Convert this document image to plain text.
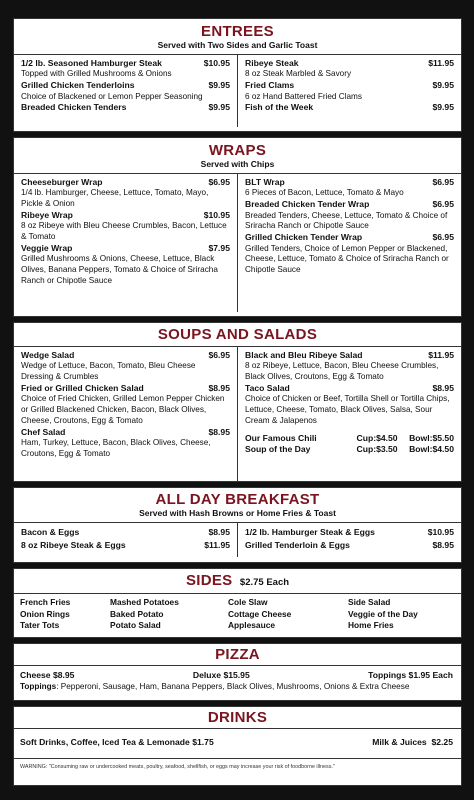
ENTREES
Served with Two Sides and Garlic Toast
1/2 lb. Seasoned Hamburger Steak	$10.95
Topped with Grilled Mushrooms & Onions
Grilled Chicken Tenderloins	$9.95
Choice of Blackened or Lemon Pepper Seasoning
Breaded Chicken Tenders	$9.95
Ribeye Steak	$11.95
8 oz Steak Marbled & Savory
Fried Clams	$9.95
6 oz Hand Battered Fried Clams
Fish of the Week	$9.95
WRAPS
Served with Chips
Cheeseburger Wrap	$6.95
1/4 lb. Hamburger, Cheese, Lettuce, Tomato, Mayo, Pickle & Onion
Ribeye Wrap	$10.95
8 oz Ribeye with Bleu Cheese Crumbles, Bacon, Lettuce & Tomato
Veggie Wrap	$7.95
Grilled Mushrooms & Onions, Cheese, Lettuce, Black Olives, Banana Peppers, Tomato & Choice of Sriracha Ranch or Chipotle Sauce
BLT Wrap	$6.95
6 Pieces of Bacon, Lettuce, Tomato & Mayo
Breaded Chicken Tender Wrap	$6.95
Breaded Tenders, Cheese, Lettuce, Tomato & Choice of Sriracha Ranch or Chipotle Sauce
Grilled Chicken Tender Wrap	$6.95
Grilled Tenders, Choice of Lemon Pepper or Blackened, Cheese, Lettuce, Tomato & Choice of Sriracha Ranch or Chipotle Sauce
SOUPS AND SALADS
Wedge Salad	$6.95
Wedge of Lettuce, Bacon, Tomato, Bleu Cheese Dressing & Crumbles
Fried or Grilled Chicken Salad	$8.95
Choice of Fried Chicken, Grilled Lemon Pepper Chicken or Grilled Blackened Chicken, Bacon, Black Olives, Cheese, Croutons, Egg & Tomato
Chef Salad	$8.95
Ham, Turkey, Lettuce, Bacon, Black Olives, Cheese, Croutons, Egg & Tomato
Black and Bleu Ribeye Salad	$11.95
8 oz Ribeye, Lettuce, Bacon, Bleu Cheese Crumbles, Black Olives, Croutons, Egg & Tomato
Taco Salad	$8.95
Choice of Chicken or Beef, Tortilla Shell or Tortilla Chips, Lettuce, Cheese, Tomato, Black Olives, Salsa, Sour Cream & Jalapenos
Our Famous Chili	Cup:$4.50 Bowl:$5.50
Soup of the Day	Cup:$3.50 Bowl:$4.50
ALL DAY BREAKFAST
Served with Hash Browns or Home Fries & Toast
Bacon & Eggs	$8.95
8 oz Ribeye Steak & Eggs	$11.95
1/2 lb. Hamburger Steak & Eggs	$10.95
Grilled Tenderloin & Eggs	$8.95
SIDES $2.75 Each
French Fries
Onion Rings
Tater Tots
Mashed Potatoes
Baked Potato
Potato Salad
Cole Slaw
Cottage Cheese
Applesauce
Side Salad
Veggie of the Day
Home Fries
PIZZA
Cheese $8.95	Deluxe $15.95	Toppings $1.95 Each
Toppings: Pepperoni, Sausage, Ham, Banana Peppers, Black Olives, Mushrooms, Onions & Extra Cheese
DRINKS
Soft Drinks, Coffee, Iced Tea & Lemonade $1.75	Milk & Juices  $2.25
WARNING: "Consuming raw or undercooked meats, poultry, seafood, shellfish, or eggs may increase your risk of foodborne illness."
